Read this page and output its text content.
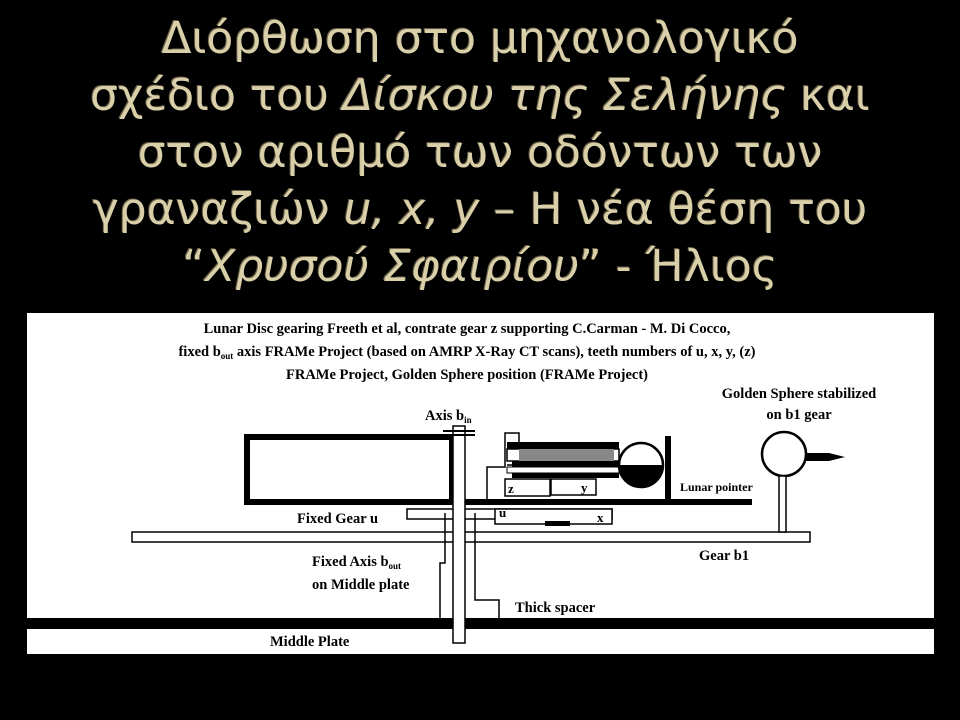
Διόρθωση στο μηχανολογικό
σχέδιο του Δίσκου της Σελήνης και
στον αριθμό των οδόντων των
γραναζιών u, x, y – Η νέα θέση του
“Χρυσού Σφαιρίου” - Ήλιος
Lunar Disc gearing Freeth et al, contrate gear z supporting C.Carman - M. Di Cocco,
fixed $b_{out}$ axis FRAMe Project (based on AMRP X-Ray CT scans), teeth numbers of u, x, y, (z)
FRAMe Project, Golden Sphere position (FRAMe Project)
Middle Plate
Gear b1
Fixed Gear u	x
u
z	y	Lunar pointer
Golden Sphere stabilized
on b1 gear
Axis $b_{in}$
Fixed Axis $b_{out}$
on Middle plate
Thick spacer
